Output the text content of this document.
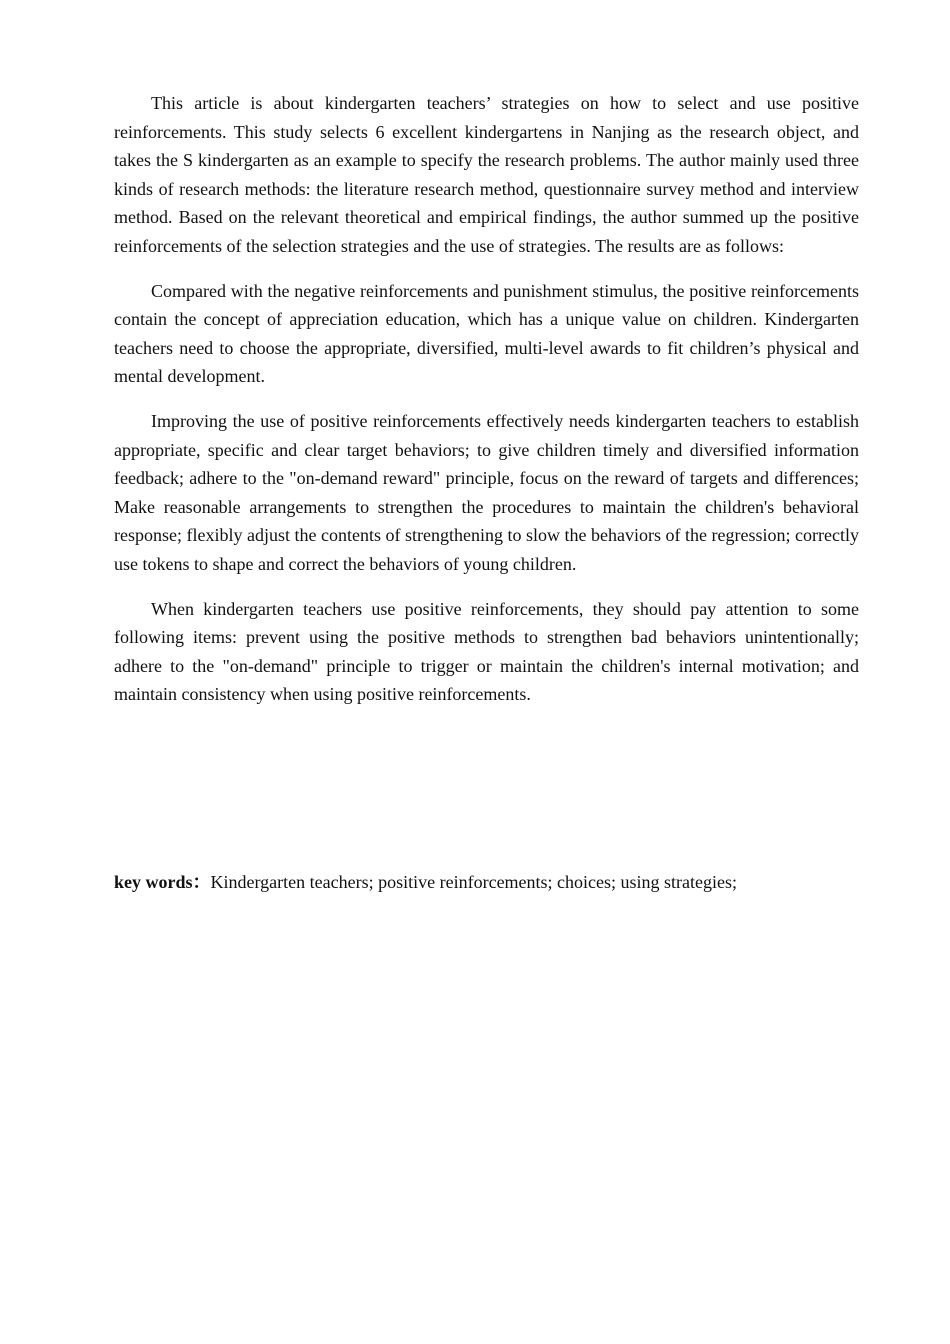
This article is about kindergarten teachers’ strategies on how to select and use positive reinforcements. This study selects 6 excellent kindergartens in Nanjing as the research object, and takes the S kindergarten as an example to specify the research problems. The author mainly used three kinds of research methods: the literature research method, questionnaire survey method and interview method. Based on the relevant theoretical and empirical findings, the author summed up the positive reinforcements of the selection strategies and the use of strategies. The results are as follows:

Compared with the negative reinforcements and punishment stimulus, the positive reinforcements contain the concept of appreciation education, which has a unique value on children. Kindergarten teachers need to choose the appropriate, diversified, multi-level awards to fit children’s physical and mental development.

Improving the use of positive reinforcements effectively needs kindergarten teachers to establish appropriate, specific and clear target behaviors; to give children timely and diversified information feedback; adhere to the "on-demand reward" principle, focus on the reward of targets and differences; Make reasonable arrangements to strengthen the procedures to maintain the children's behavioral response; flexibly adjust the contents of strengthening to slow the behaviors of the regression; correctly use tokens to shape and correct the behaviors of young children.

When kindergarten teachers use positive reinforcements, they should pay attention to some following items: prevent using the positive methods to strengthen bad behaviors unintentionally; adhere to the "on-demand" principle to trigger or maintain the children's internal motivation; and maintain consistency when using positive reinforcements.

key words：Kindergarten teachers; positive reinforcements; choices; using strategies;
